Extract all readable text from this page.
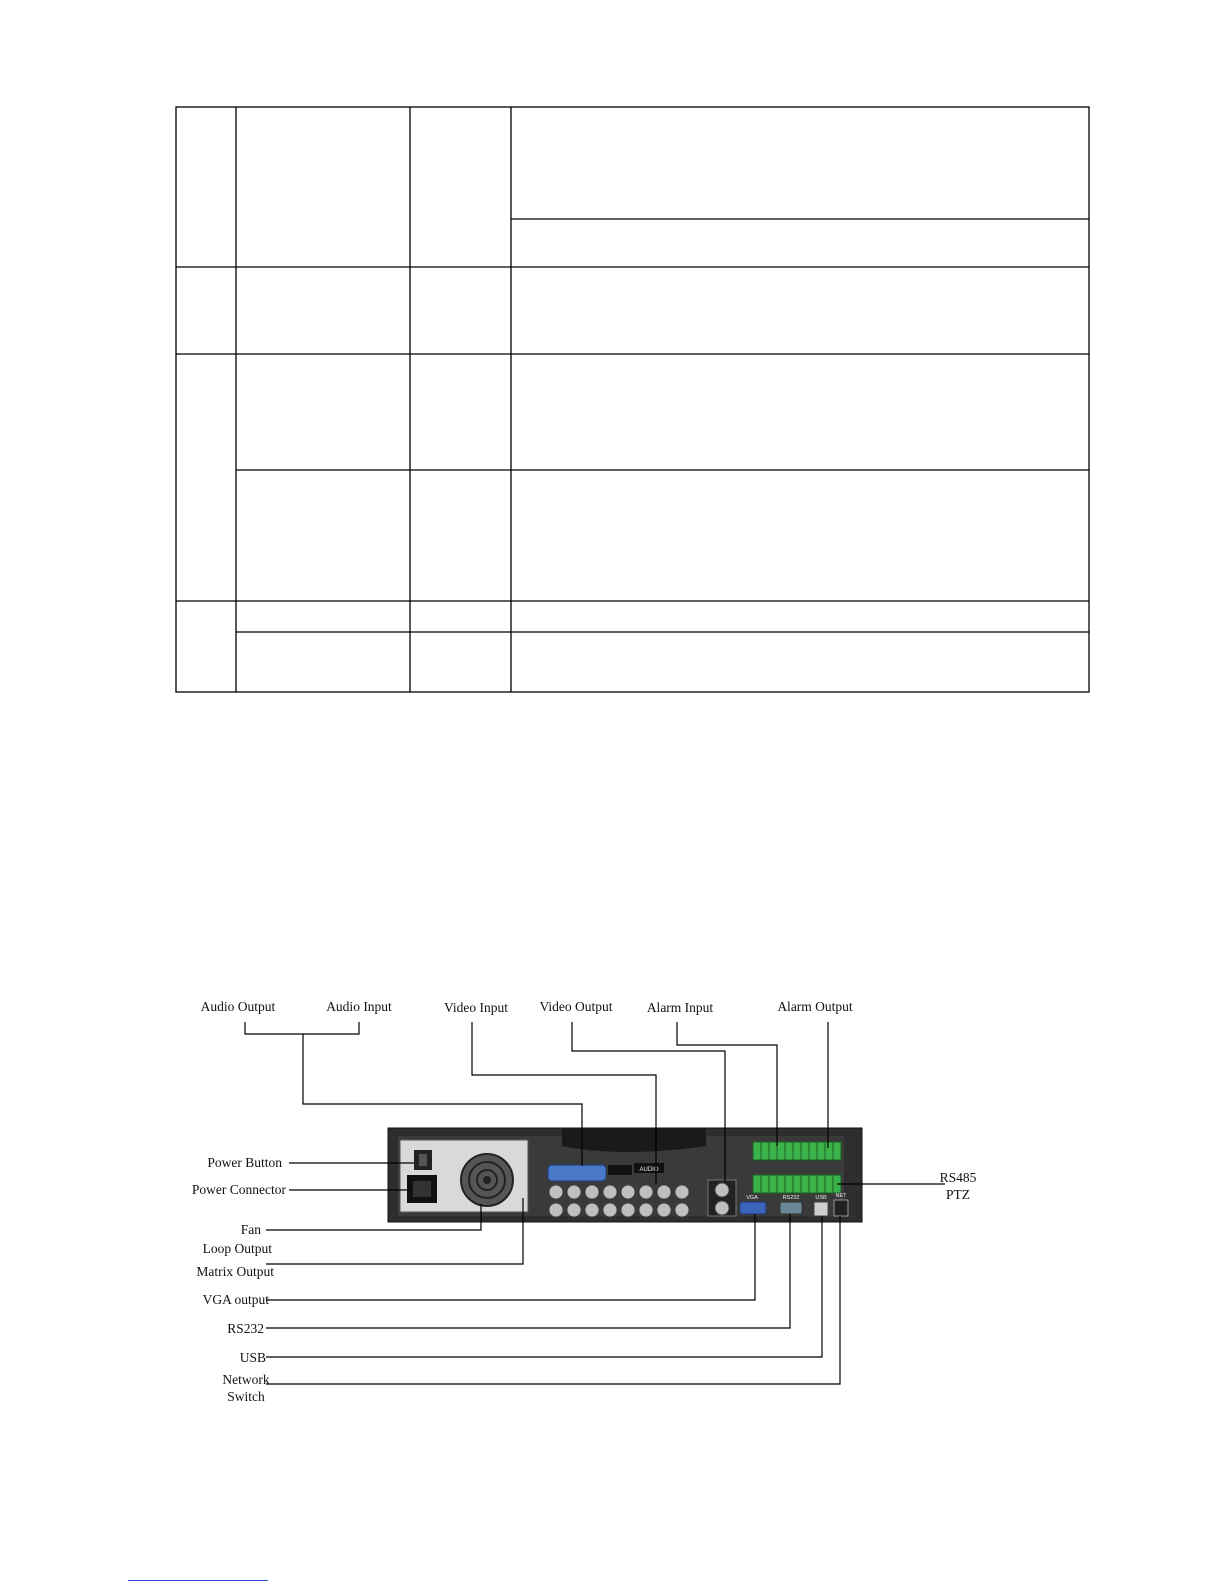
AUDIO
VGA	RS232	USB NET
Audio Output	Audio Input	Video Input Video Output	Alarm Input	Alarm Output
Power Button
Power Connector
Fan
Loop Output
Matrix Output
VGA output
RS232
USB
Network
Switch
RS485
PTZ
